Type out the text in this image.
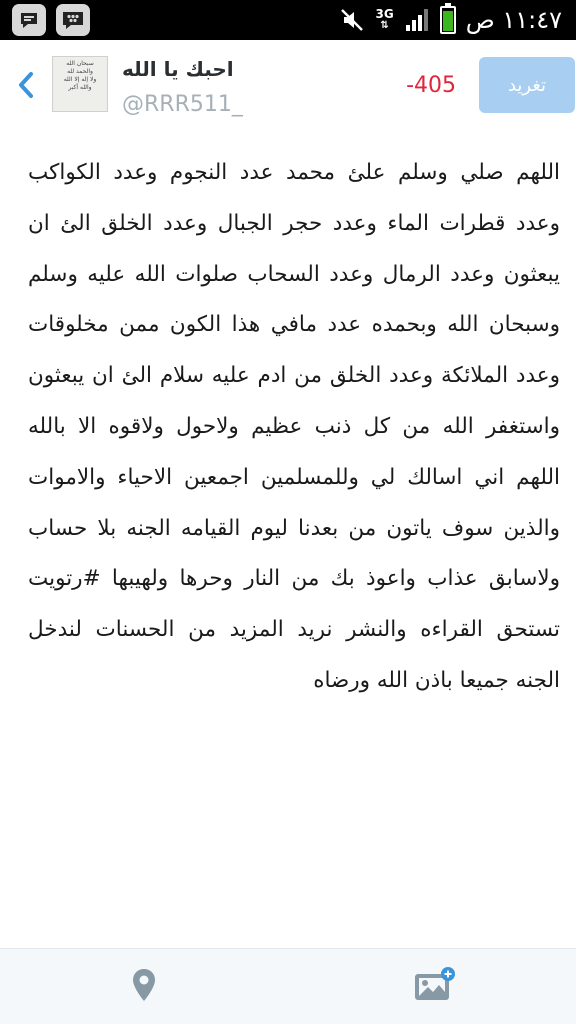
3G
⇅	١١:٤٧ ص
سبحان الله
والحمد لله
ولا إله إلا الله
والله أكبر
احبك يا الله
@RRR511_
-405	تغريد
اللهم صلي وسلم علئ محمد عدد النجوم وعدد الكواكب وعدد قطرات الماء وعدد حجر الجبال وعدد الخلق الئ ان يبعثون وعدد الرمال وعدد السحاب صلوات الله عليه وسلم وسبحان الله وبحمده عدد مافي هذا الكون ممن مخلوقات وعدد الملائكة وعدد الخلق من ادم عليه سلام الئ ان يبعثون واستغفر الله من كل ذنب عظيم ولاحول ولاقوه الا بالله اللهم اني اسالك لي وللمسلمين اجمعين الاحياء والاموات والذين سوف ياتون من بعدنا ليوم القيامه الجنه بلا حساب ولاسابق عذاب واعوذ بك من النار وحرها ولهيبها #رتويت تستحق القراءه والنشر نريد المزيد من الحسنات لندخل الجنه جميعا باذن الله ورضاه
